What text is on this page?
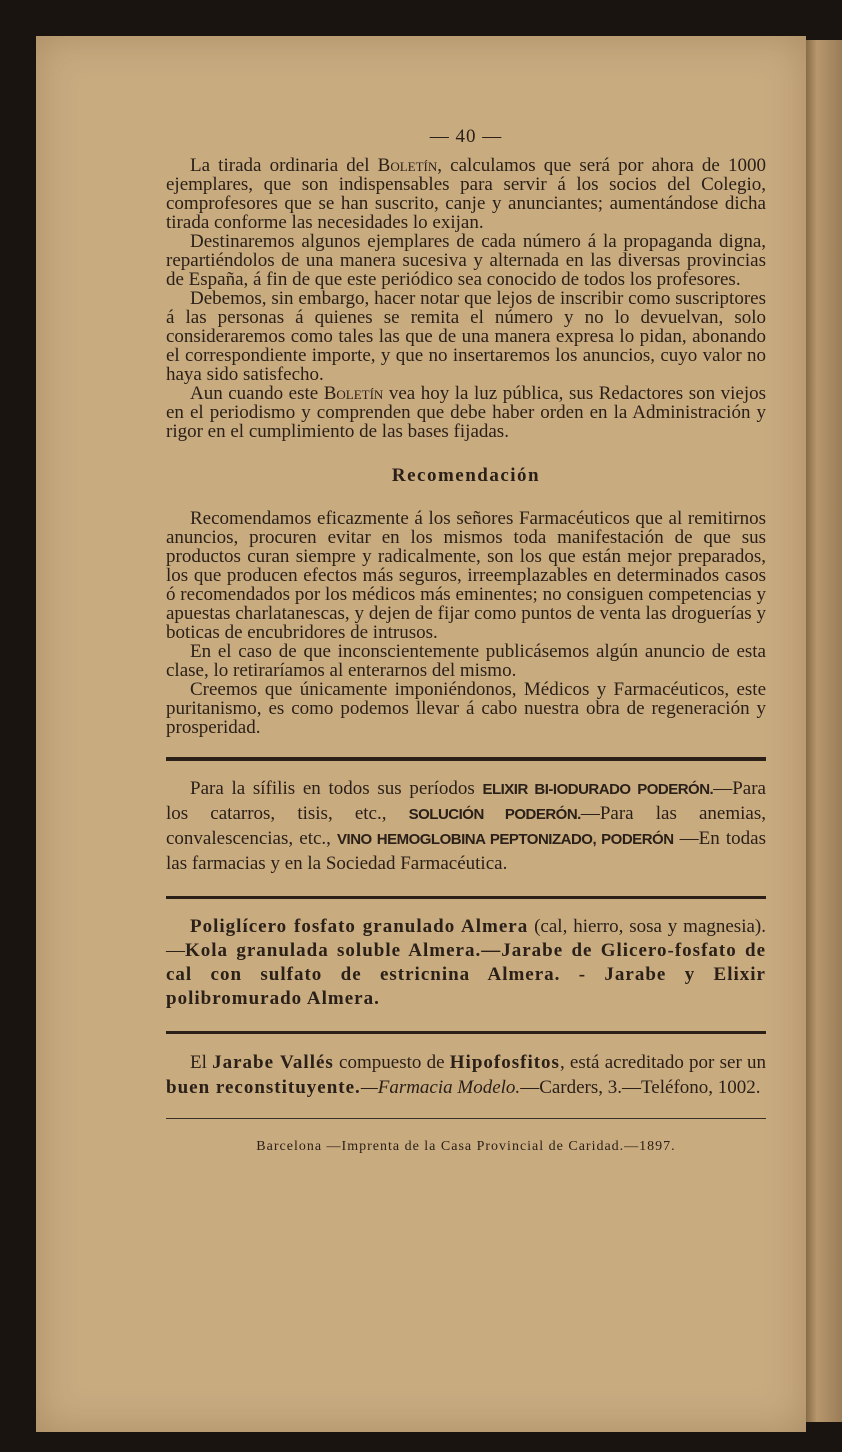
— 40 —

La tirada ordinaria del Boletín, calculamos que será por ahora de 1000 ejemplares, que son indispensables para servir á los socios del Colegio, comprofesores que se han suscrito, canje y anunciantes; aumentándose dicha tirada conforme las necesidades lo exijan.

Destinaremos algunos ejemplares de cada número á la propaganda digna, repartiéndolos de una manera sucesiva y alternada en las diversas provincias de España, á fin de que este periódico sea conocido de todos los profesores.

Debemos, sin embargo, hacer notar que lejos de inscribir como suscriptores á las personas á quienes se remita el número y no lo devuelvan, solo consideraremos como tales las que de una manera expresa lo pidan, abonando el correspondiente importe, y que no insertaremos los anuncios, cuyo valor no haya sido satisfecho.

Aun cuando este Boletín vea hoy la luz pública, sus Redactores son viejos en el periodismo y comprenden que debe haber orden en la Administración y rigor en el cumplimiento de las bases fijadas.

Recomendación

Recomendamos eficazmente á los señores Farmacéuticos que al remitirnos anuncios, procuren evitar en los mismos toda manifestación de que sus productos curan siempre y radicalmente, son los que están mejor preparados, los que producen efectos más seguros, irreemplazables en determinados casos ó recomendados por los médicos más eminentes; no consiguen competencias y apuestas charlatanescas, y dejen de fijar como puntos de venta las droguerías y boticas de encubridores de intrusos.

En el caso de que inconscientemente publicásemos algún anuncio de esta clase, lo retiraríamos al enterarnos del mismo.

Creemos que únicamente imponiéndonos, Médicos y Farmacéuticos, este puritanismo, es como podemos llevar á cabo nuestra obra de regeneración y prosperidad.

Para la sífilis en todos sus períodos ELIXIR BI-IODURADO PODERÓN.—Para los catarros, tisis, etc., SOLUCIÓN PODERÓN.—Para las anemias, convalescencias, etc., VINO HEMOGLOBINA PEPTONIZADO, PODERÓN —En todas las farmacias y en la Sociedad Farmacéutica.

Poliglícero fosfato granulado Almera (cal, hierro, sosa y magnesia).—Kola granulada soluble Almera.—Jarabe de Glicero-fosfato de cal con sulfato de estricnina Almera. - Jarabe y Elixir polibromurado Almera.

El Jarabe Vallés compuesto de Hipofosfitos, está acreditado por ser un buen reconstituyente.—Farmacia Modelo.—Carders, 3.—Teléfono, 1002.

Barcelona —Imprenta de la Casa Provincial de Caridad.—1897.
